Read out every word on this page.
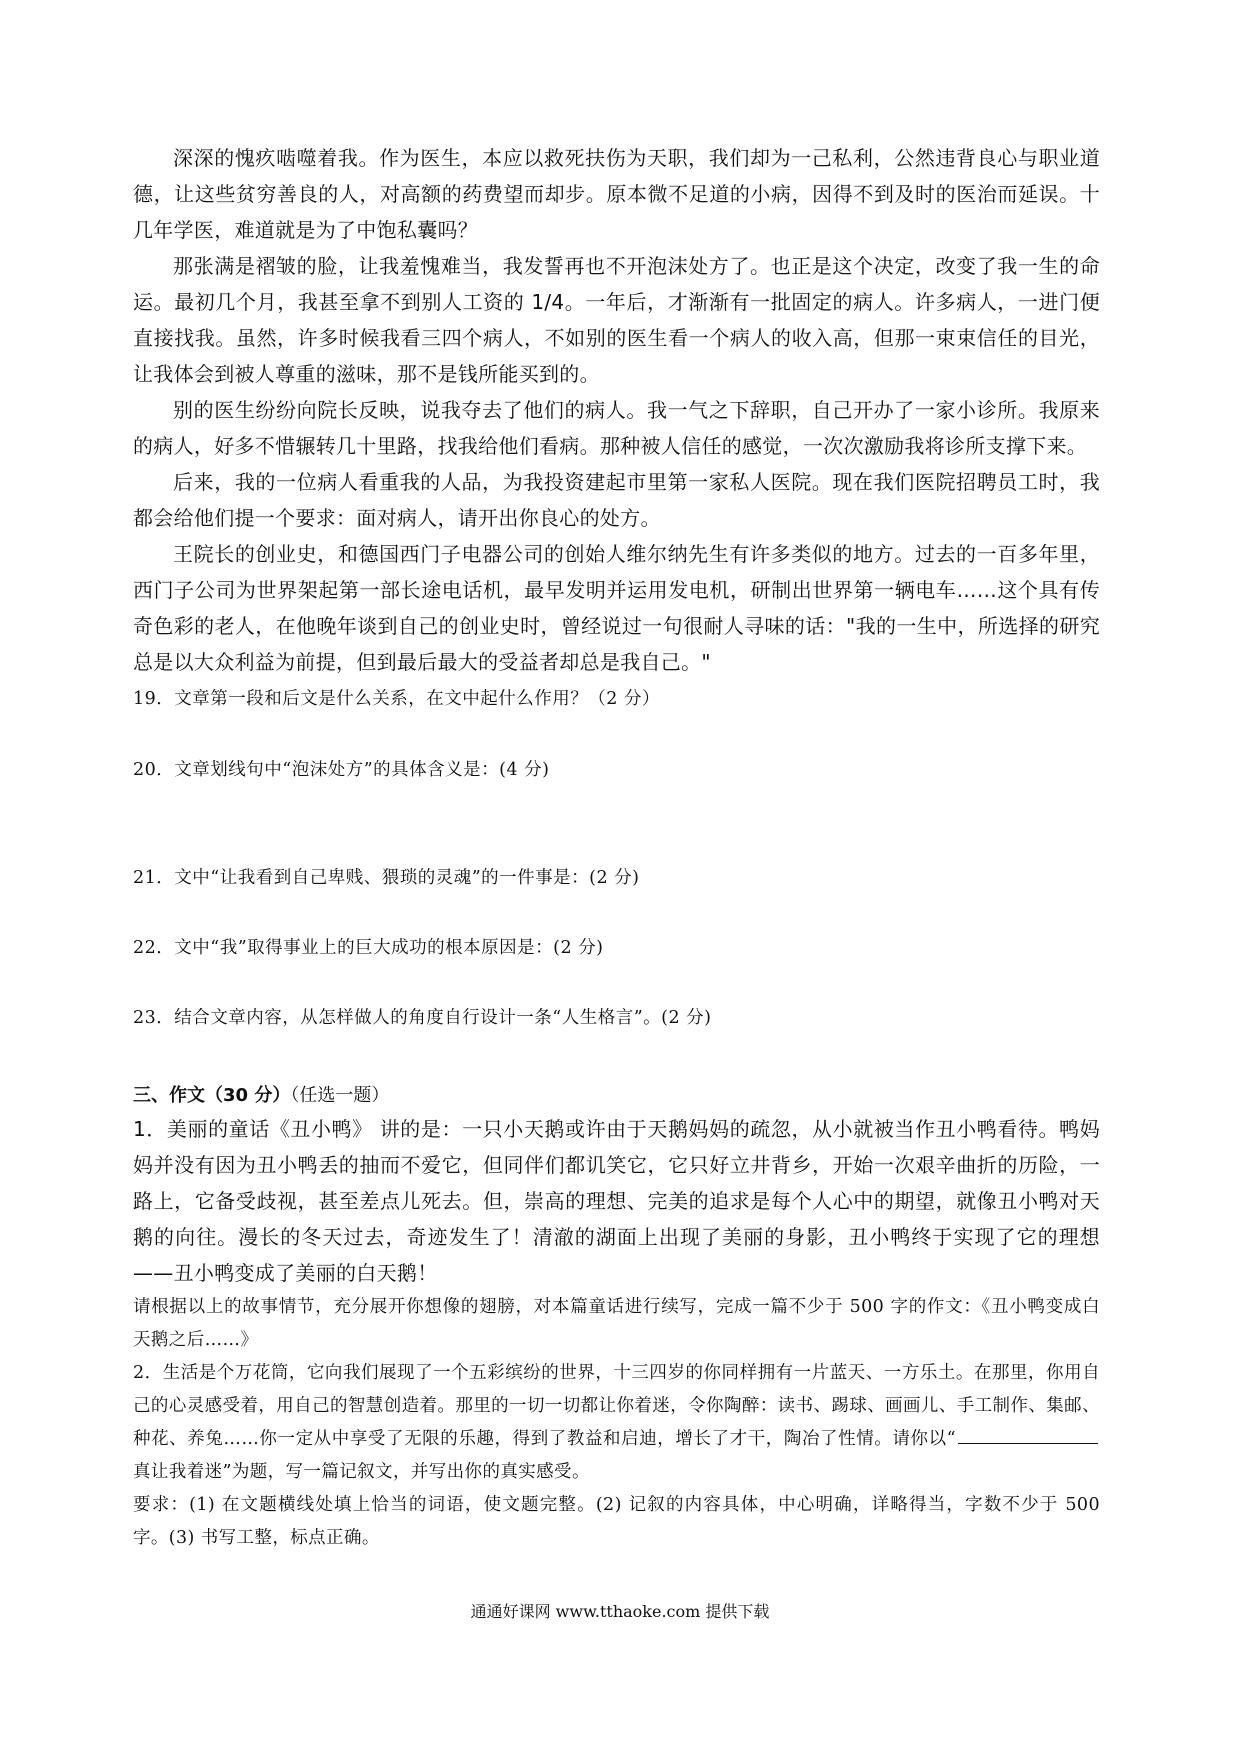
深深的愧疚啮噬着我。作为医生，本应以救死扶伤为天职，我们却为一己私利，公然违背良心与职业道德，让这些贫穷善良的人，对高额的药费望而却步。原本微不足道的小病，因得不到及时的医治而延误。十几年学医，难道就是为了中饱私囊吗？

那张满是褶皱的脸，让我羞愧难当，我发誓再也不开泡沫处方了。也正是这个决定，改变了我一生的命运。最初几个月，我甚至拿不到别人工资的 1/4。一年后，才渐渐有一批固定的病人。许多病人，一进门便直接找我。虽然，许多时候我看三四个病人，不如别的医生看一个病人的收入高，但那一束束信任的目光，让我体会到被人尊重的滋味，那不是钱所能买到的。

别的医生纷纷向院长反映，说我夺去了他们的病人。我一气之下辞职，自己开办了一家小诊所。我原来的病人，好多不惜辗转几十里路，找我给他们看病。那种被人信任的感觉，一次次激励我将诊所支撑下来。

后来，我的一位病人看重我的人品，为我投资建起市里第一家私人医院。现在我们医院招聘员工时，我都会给他们提一个要求：面对病人，请开出你良心的处方。

王院长的创业史，和德国西门子电器公司的创始人维尔纳先生有许多类似的地方。过去的一百多年里，西门子公司为世界架起第一部长途电话机，最早发明并运用发电机，研制出世界第一辆电车……这个具有传奇色彩的老人，在他晚年谈到自己的创业史时，曾经说过一句很耐人寻味的话："我的一生中，所选择的研究总是以大众利益为前提，但到最后最大的受益者却总是我自己。"

19．文章第一段和后文是什么关系，在文中起什么作用？（2 分）

20．文章划线句中“泡沫处方”的具体含义是：(4 分)

21．文中“让我看到自己卑贱、猥琐的灵魂”的一件事是：(2 分)

22．文中“我”取得事业上的巨大成功的根本原因是：(2 分)

23．结合文章内容，从怎样做人的角度自行设计一条“人生格言”。(2 分)

三、作文（30 分）（任选一题）

1．美丽的童话《丑小鸭》 讲的是：一只小天鹅或许由于天鹅妈妈的疏忽，从小就被当作丑小鸭看待。鸭妈妈并没有因为丑小鸭丢的抽而不爱它，但同伴们都讥笑它，它只好立井背乡，开始一次艰辛曲折的历险，一路上，它备受歧视，甚至差点儿死去。但，崇高的理想、完美的追求是每个人心中的期望，就像丑小鸭对天鹅的向往。漫长的冬天过去，奇迹发生了！清澈的湖面上出现了美丽的身影，丑小鸭终于实现了它的理想——丑小鸭变成了美丽的白天鹅！

请根据以上的故事情节，充分展开你想像的翅膀，对本篇童话进行续写，完成一篇不少于 500 字的作文：《丑小鸭变成白天鹅之后……》

2．生活是个万花筒，它向我们展现了一个五彩缤纷的世界，十三四岁的你同样拥有一片蓝天、一方乐土。在那里，你用自己的心灵感受着，用自己的智慧创造着。那里的一切一切都让你着迷，令你陶醉：读书、踢球、画画儿、手工制作、集邮、种花、养兔……你一定从中享受了无限的乐趣，得到了教益和启迪，增长了才干，陶冶了性情。请你以“真让我着迷”为题，写一篇记叙文，并写出你的真实感受。

要求：(1) 在文题横线处填上恰当的词语，使文题完整。(2) 记叙的内容具体，中心明确，详略得当，字数不少于 500 字。(3) 书写工整，标点正确。

通通好课网 www.tthaoke.com 提供下载
